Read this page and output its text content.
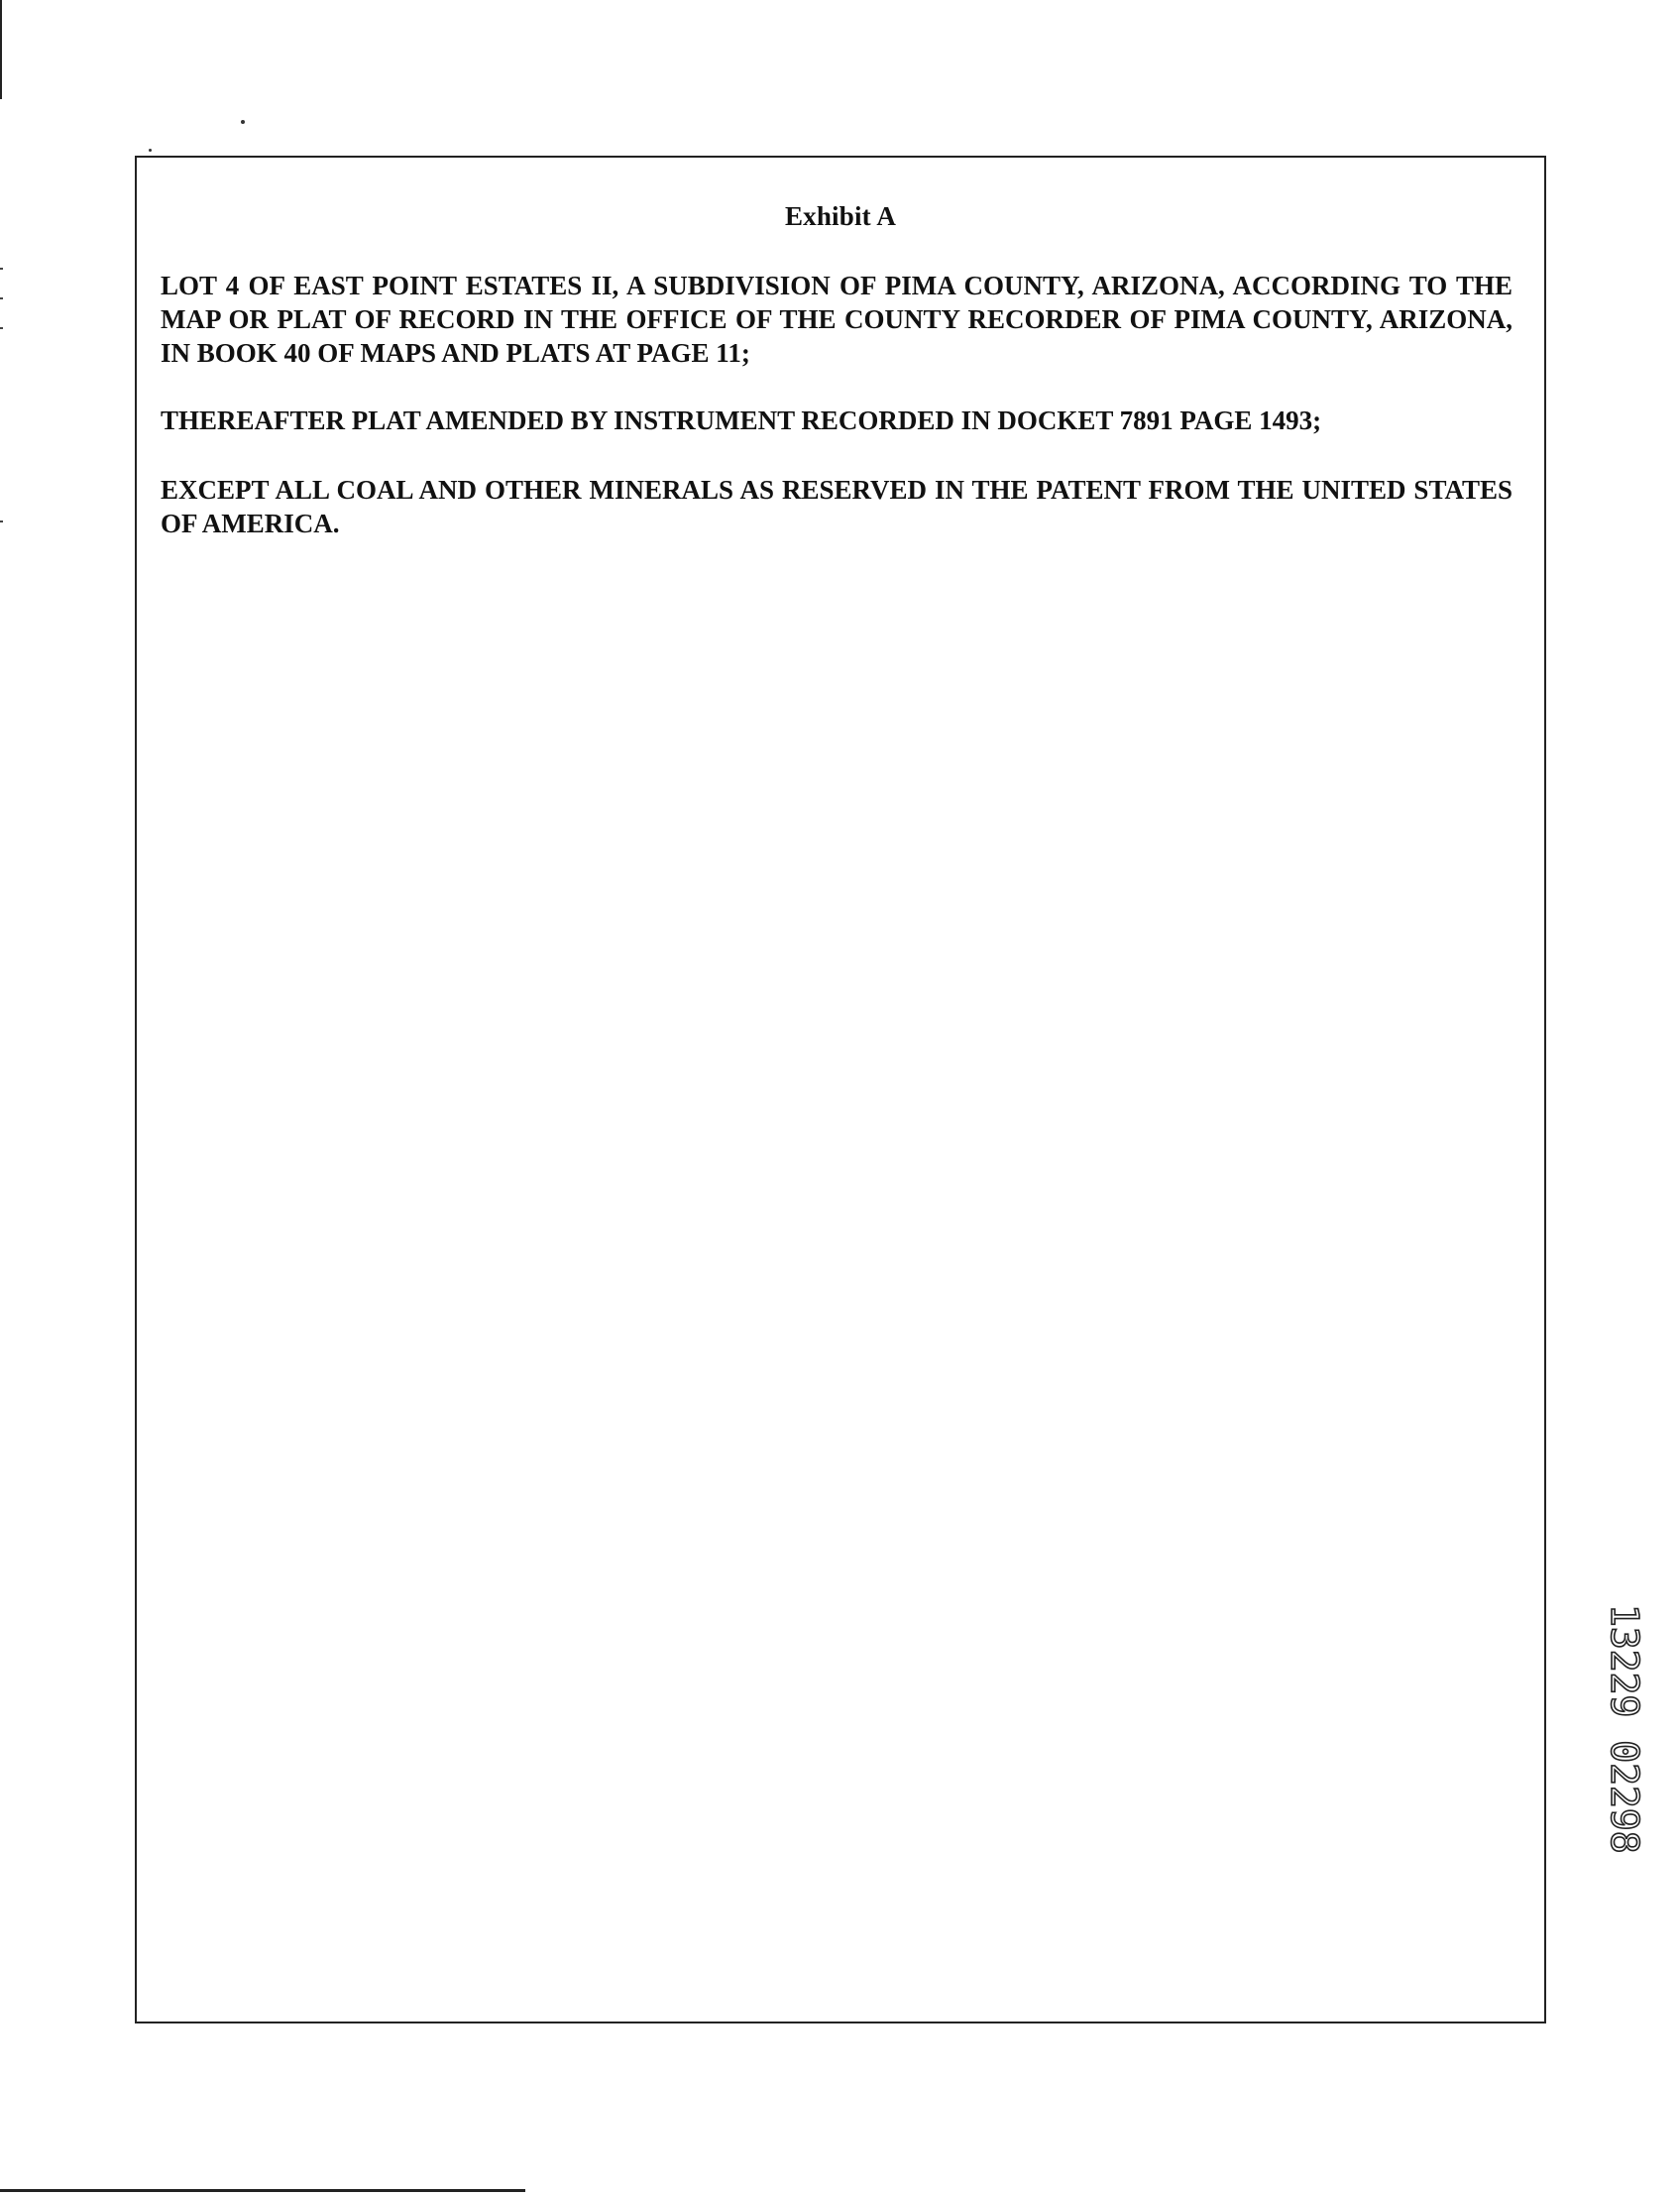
Exhibit A
LOT 4 OF EAST POINT ESTATES II, A SUBDIVISION OF PIMA COUNTY, ARIZONA, ACCORDING TO THE MAP OR PLAT OF RECORD IN THE OFFICE OF THE COUNTY RECORDER OF PIMA COUNTY, ARIZONA, IN BOOK 40 OF MAPS AND PLATS AT PAGE 11;
THEREAFTER PLAT AMENDED BY INSTRUMENT RECORDED IN DOCKET 7891 PAGE 1493;
EXCEPT ALL COAL AND OTHER MINERALS AS RESERVED IN THE PATENT FROM THE UNITED STATES OF AMERICA.
13229 02298
